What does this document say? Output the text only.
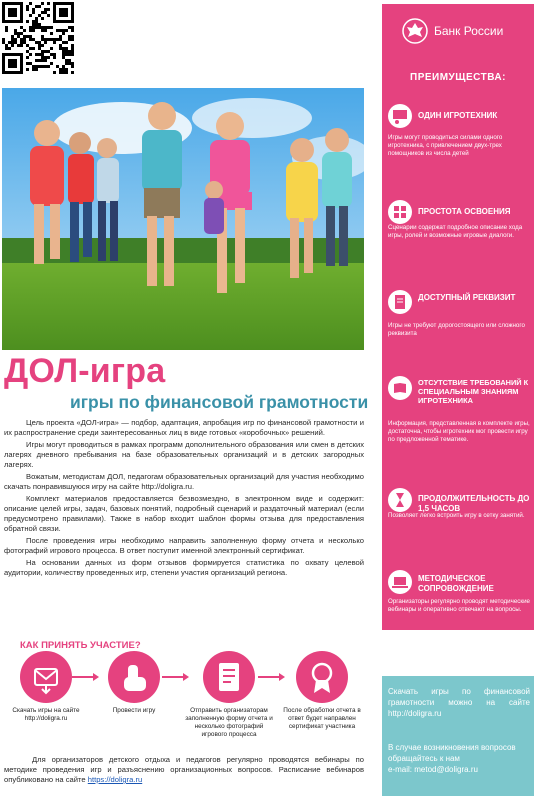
ДОЛ-игра
игры по финансовой грамотности

Цель проекта «ДОЛ-игра» — подбор, адаптация, апробация игр по финансовой грамотности и их распространение среди заинтересованных лиц в виде готовых «коробочных» решений.

Игры могут проводиться в рамках программ дополнительного образования или смен в детских лагерях дневного пребывания на базе образовательных организаций и в детских загородных лагерях.

Вожатым, методистам ДОЛ, педагогам образовательных организаций для участия необходимо скачать понравившуюся игру на сайте http://doligra.ru.

Комплект материалов предоставляется безвозмездно, в электронном виде и содержит: описание целей игры, задач, базовых понятий, подробный сценарий и раздаточный материал (если предусмотрено правилами). Также в набор входит шаблон формы отзыва для предоставления обратной связи.

После проведения игры необходимо направить заполненную форму отчета и несколько фотографий игрового процесса. В ответ поступит именной электронный сертификат.

На основании данных из форм отзывов формируется статистика по охвату целевой аудитории, количеству проведенных игр, степени участия организаций региона.

КАК ПРИНЯТЬ УЧАСТИЕ?
Скачать игры на сайте http://doligra.ru
Провести игру	Отправить организаторам заполненную форму отчета и несколько фотографий игрового процесса
После обработки отчета в ответ будет направлен сертификат участника

Для организаторов детского отдыха и педагогов регулярно проводятся вебинары по методике проведения игр и разъяснению организационных вопросов. Расписание вебинаров опубликовано на сайте https://doligra.ru

Банк России
ПРЕИМУЩЕСТВА:
ОДИН ИГРОТЕХНИК
Игры могут проводиться силами одного игротехника, с привлечением двух-трех помощников из числа детей
ПРОСТОТА ОСВОЕНИЯ
Сценарии содержат подробное описание хода игры, ролей и возможные игровые диалоги.
ДОСТУПНЫЙ РЕКВИЗИТ
Игры не требуют дорогостоящего или сложного реквизита
ОТСУТСТВИЕ ТРЕБОВАНИЙ К СПЕЦИАЛЬНЫМ ЗНАНИЯМ ИГРОТЕХНИКА
Информация, представленная в комплекте игры, достаточна, чтобы игротехник мог провести игру по предложенной тематике.
ПРОДОЛЖИТЕЛЬНОСТЬ ДО 1,5 ЧАСОВ
Позволяет легко встроить игру в сетку занятий.
МЕТОДИЧЕСКОЕ СОПРОВОЖДЕНИЕ
Организаторы регулярно проводят методические вебинары и оперативно отвечают на вопросы.
Скачать игры по финансовой грамотности можно на сайте http://doligra.ru
В случае возникновения вопросов обращайтесь к нам
e-mail: metod@doligra.ru
